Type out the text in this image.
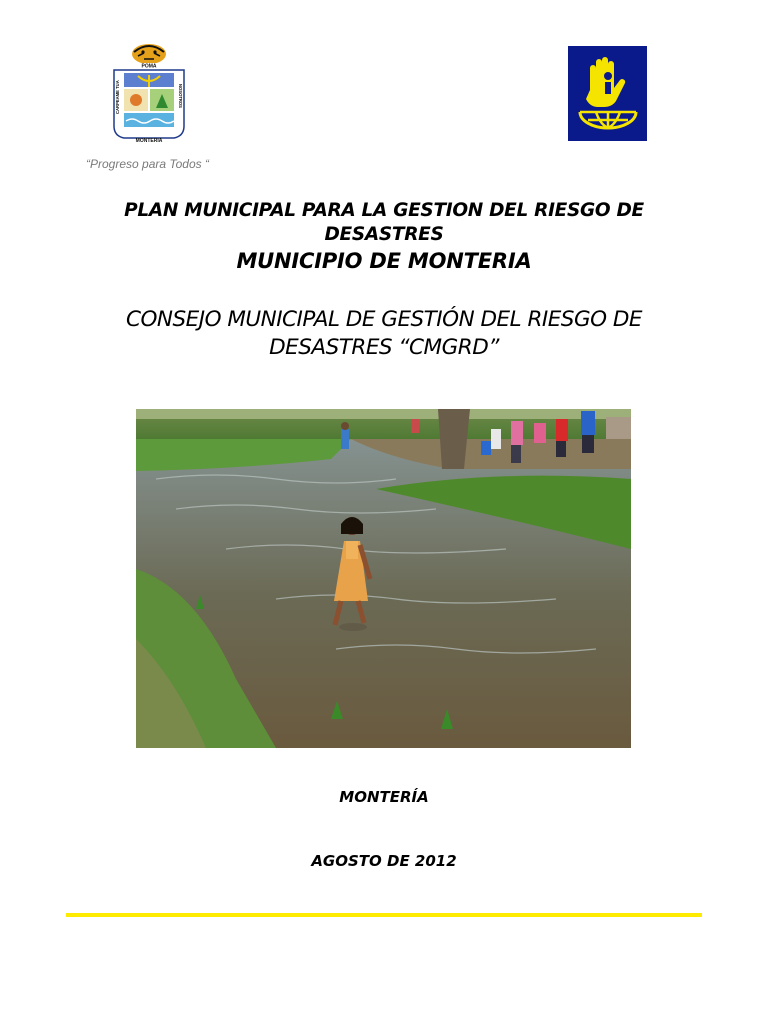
POMA
CARPEAME TUA	NOSOTROS
MONTERIA
“Progreso para Todos “
PLAN MUNICIPAL PARA LA GESTION DEL RIESGO DE DESASTRES
MUNICIPIO DE MONTERIA
CONSEJO MUNICIPAL DE GESTIÓN DEL RIESGO DE DESASTRES “CMGRD”
MONTERÍA
AGOSTO DE 2012
